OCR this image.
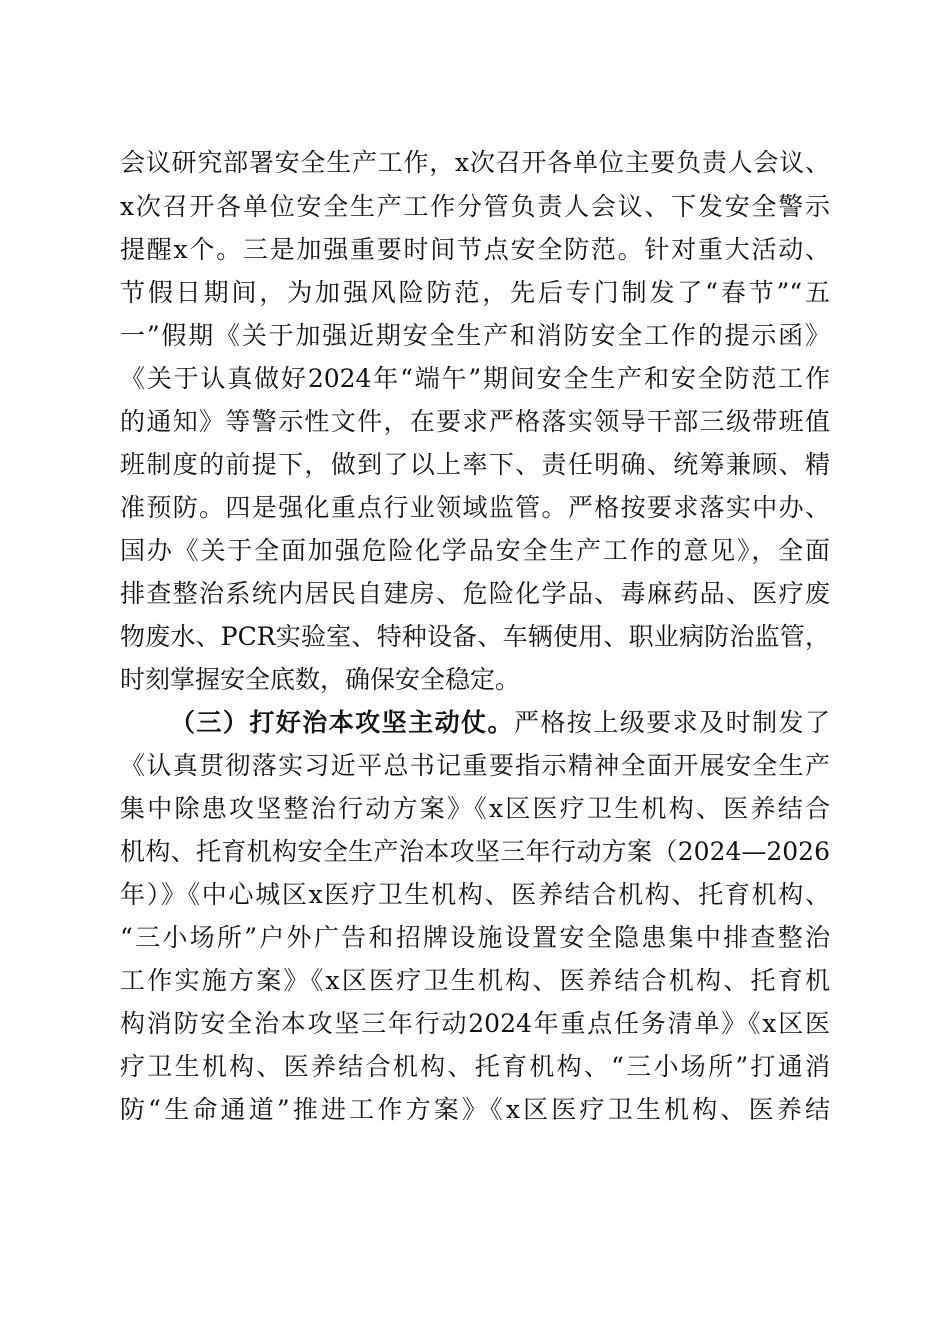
会议研究部署安全生产工作，x次召开各单位主要负责人会议、
x次召开各单位安全生产工作分管负责人会议、下发安全警示
提醒x个。三是加强重要时间节点安全防范。针对重大活动、
节假日期间，为加强风险防范，先后专门制发了“春节”“五
一”假期《关于加强近期安全生产和消防安全工作的提示函》
《关于认真做好2024年“端午”期间安全生产和安全防范工作
的通知》等警示性文件，在要求严格落实领导干部三级带班值
班制度的前提下，做到了以上率下、责任明确、统筹兼顾、精
准预防。四是强化重点行业领域监管。严格按要求落实中办、
国办《关于全面加强危险化学品安全生产工作的意见》，全面
排查整治系统内居民自建房、危险化学品、毒麻药品、医疗废
物废水、PCR实验室、特种设备、车辆使用、职业病防治监管，
时刻掌握安全底数，确保安全稳定。
（三）打好治本攻坚主动仗。严格按上级要求及时制发了
《认真贯彻落实习近平总书记重要指示精神全面开展安全生产
集中除患攻坚整治行动方案》《x区医疗卫生机构、医养结合
机构、托育机构安全生产治本攻坚三年行动方案（2024—2026
年）》《中心城区x医疗卫生机构、医养结合机构、托育机构、
“三小场所”户外广告和招牌设施设置安全隐患集中排查整治
工作实施方案》《x区医疗卫生机构、医养结合机构、托育机
构消防安全治本攻坚三年行动2024年重点任务清单》《x区医
疗卫生机构、医养结合机构、托育机构、“三小场所”打通消
防“生命通道”推进工作方案》《x区医疗卫生机构、医养结
